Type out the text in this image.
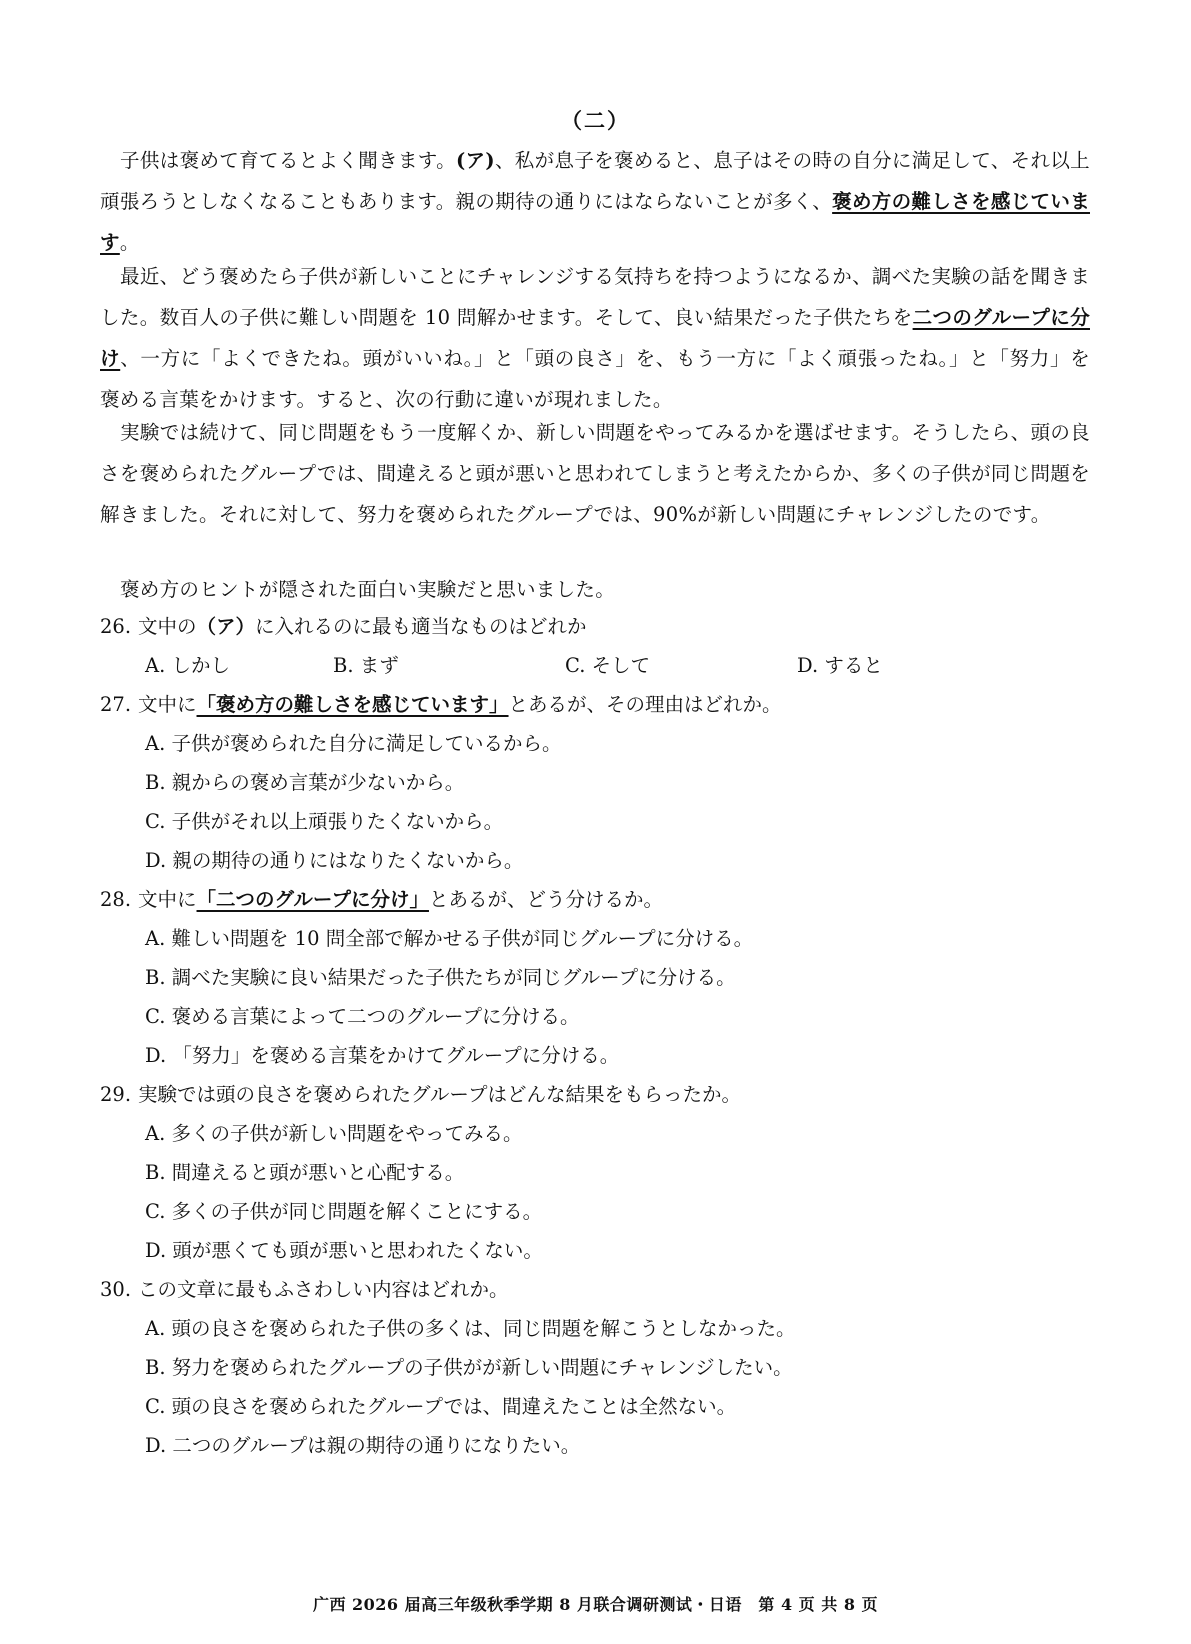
（二）
子供は褒めて育てるとよく聞きます。(ア)、私が息子を褒めると、息子はその時の自分に満足して、それ以上頑張ろうとしなくなることもあります。親の期待の通りにはならないことが多く、褒め方の難しさを感じています。
最近、どう褒めたら子供が新しいことにチャレンジする気持ちを持つようになるか、調べた実験の話を聞きました。数百人の子供に難しい問題を 10 問解かせます。そして、良い結果だった子供たちを二つのグループに分け、一方に「よくできたね。頭がいいね。」と「頭の良さ」を、もう一方に「よく頑張ったね。」と「努力」を褒める言葉をかけます。すると、次の行動に違いが現れました。
実験では続けて、同じ問題をもう一度解くか、新しい問題をやってみるかを選ばせます。そうしたら、頭の良さを褒められたグループでは、間違えると頭が悪いと思われてしまうと考えたからか、多くの子供が同じ問題を解きました。それに対して、努力を褒められたグループでは、90%が新しい問題にチャレンジしたのです。
褒め方のヒントが隠された面白い実験だと思いました。
26. 文中の（ア）に入れるのに最も適当なものはどれか
A. しかし	B. まず	C. そして	D. すると
27. 文中に「褒め方の難しさを感じています」とあるが、その理由はどれか。
A. 子供が褒められた自分に満足しているから。
B. 親からの褒め言葉が少ないから。
C. 子供がそれ以上頑張りたくないから。
D. 親の期待の通りにはなりたくないから。
28. 文中に「二つのグループに分け」とあるが、どう分けるか。
A. 難しい問題を 10 問全部で解かせる子供が同じグループに分ける。
B. 調べた実験に良い結果だった子供たちが同じグループに分ける。
C. 褒める言葉によって二つのグループに分ける。
D. 「努力」を褒める言葉をかけてグループに分ける。
29. 実験では頭の良さを褒められたグループはどんな結果をもらったか。
A. 多くの子供が新しい問題をやってみる。
B. 間違えると頭が悪いと心配する。
C. 多くの子供が同じ問題を解くことにする。
D. 頭が悪くても頭が悪いと思われたくない。
30. この文章に最もふさわしい内容はどれか。
A. 頭の良さを褒められた子供の多くは、同じ問題を解こうとしなかった。
B. 努力を褒められたグループの子供がが新しい問題にチャレンジしたい。
C. 頭の良さを褒められたグループでは、間違えたことは全然ない。
D. 二つのグループは親の期待の通りになりたい。
广西 2026 届高三年级秋季学期 8 月联合调研测试・日语　第 4 页 共 8 页
